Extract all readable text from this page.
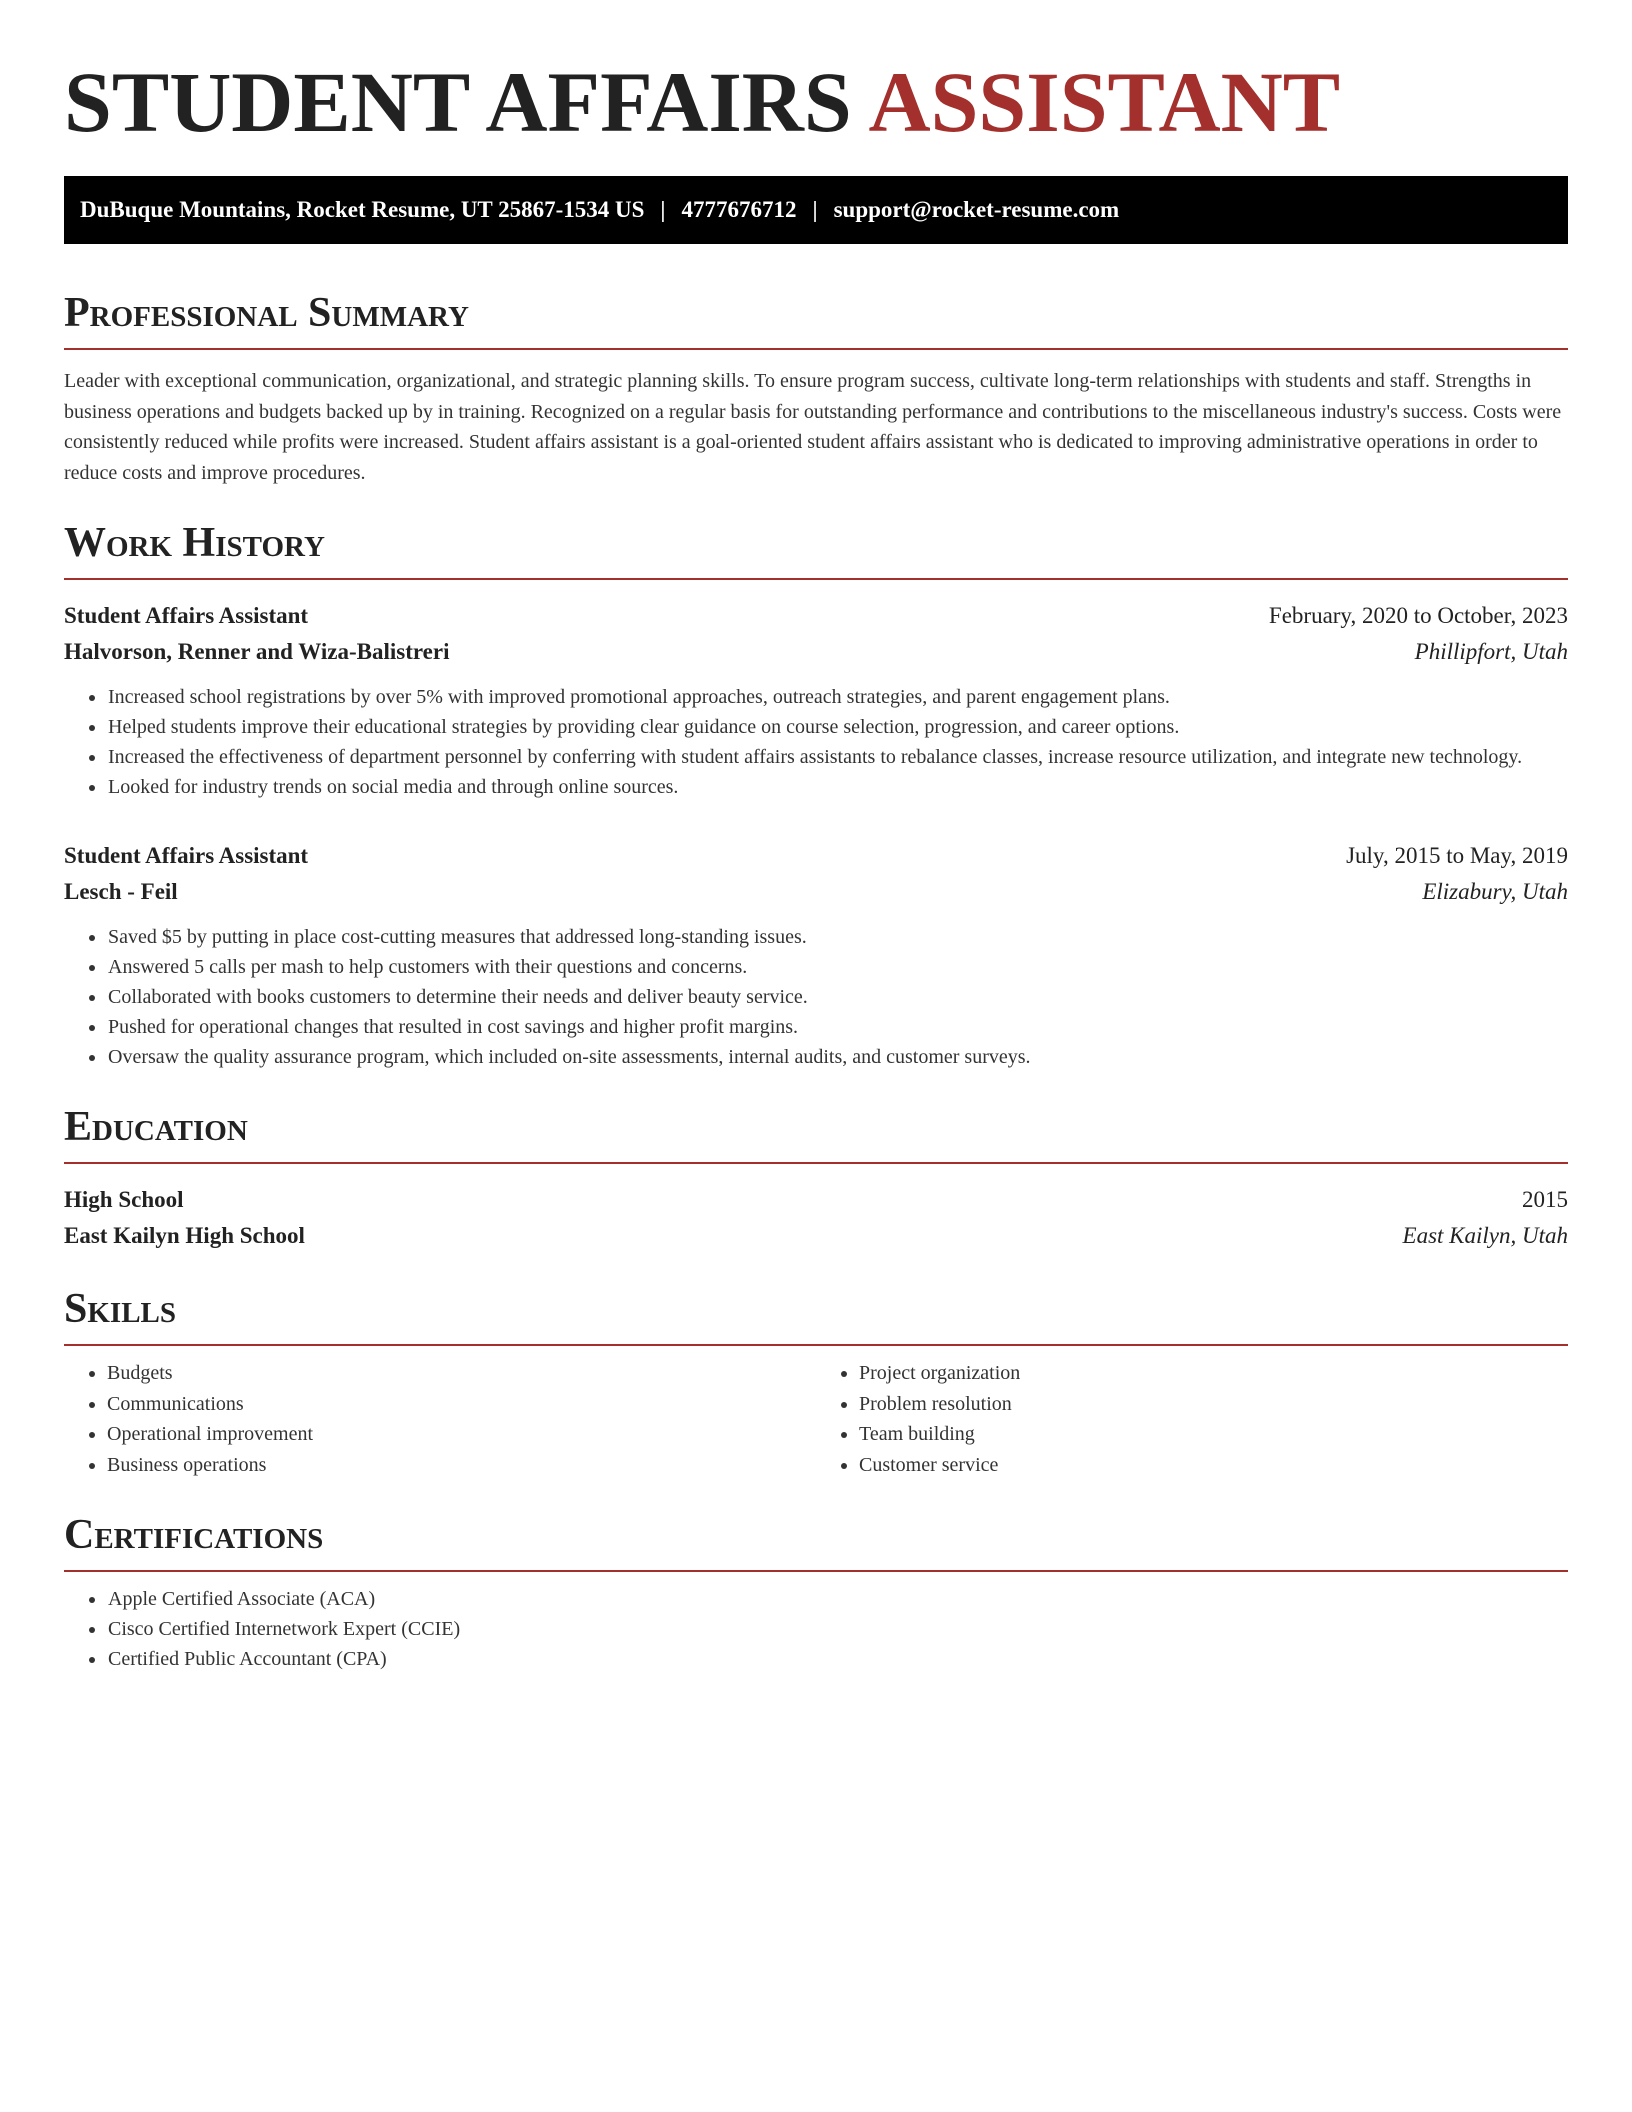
STUDENT AFFAIRS ASSISTANT
DuBuque Mountains, Rocket Resume, UT 25867-1534 US | 4777676712 | support@rocket-resume.com
Professional Summary

Leader with exceptional communication, organizational, and strategic planning skills. To ensure program success, cultivate long-term relationships with students and staff. Strengths in business operations and budgets backed up by in training. Recognized on a regular basis for outstanding performance and contributions to the miscellaneous industry's success. Costs were consistently reduced while profits were increased. Student affairs assistant is a goal-oriented student affairs assistant who is dedicated to improving administrative operations in order to reduce costs and improve procedures.

Work History
Student Affairs Assistant	February, 2020 to October, 2023
Halvorson, Renner and Wiza-Balistreri	Phillipfort, Utah
• Increased school registrations by over 5% with improved promotional approaches, outreach strategies, and parent engagement plans.
• Helped students improve their educational strategies by providing clear guidance on course selection, progression, and career options.
• Increased the effectiveness of department personnel by conferring with student affairs assistants to rebalance classes, increase resource utilization, and integrate new technology.
• Looked for industry trends on social media and through online sources.
Student Affairs Assistant	July, 2015 to May, 2019
Lesch - Feil	Elizabury, Utah
• Saved $5 by putting in place cost-cutting measures that addressed long-standing issues.
• Answered 5 calls per mash to help customers with their questions and concerns.
• Collaborated with books customers to determine their needs and deliver beauty service.
• Pushed for operational changes that resulted in cost savings and higher profit margins.
• Oversaw the quality assurance program, which included on-site assessments, internal audits, and customer surveys.
Education
High School	2015
East Kailyn High School	East Kailyn, Utah
Skills
• Budgets
• Communications
• Operational improvement
• Business operations
• Project organization
• Problem resolution
• Team building
• Customer service
Certifications
• Apple Certified Associate (ACA)
• Cisco Certified Internetwork Expert (CCIE)
• Certified Public Accountant (CPA)
